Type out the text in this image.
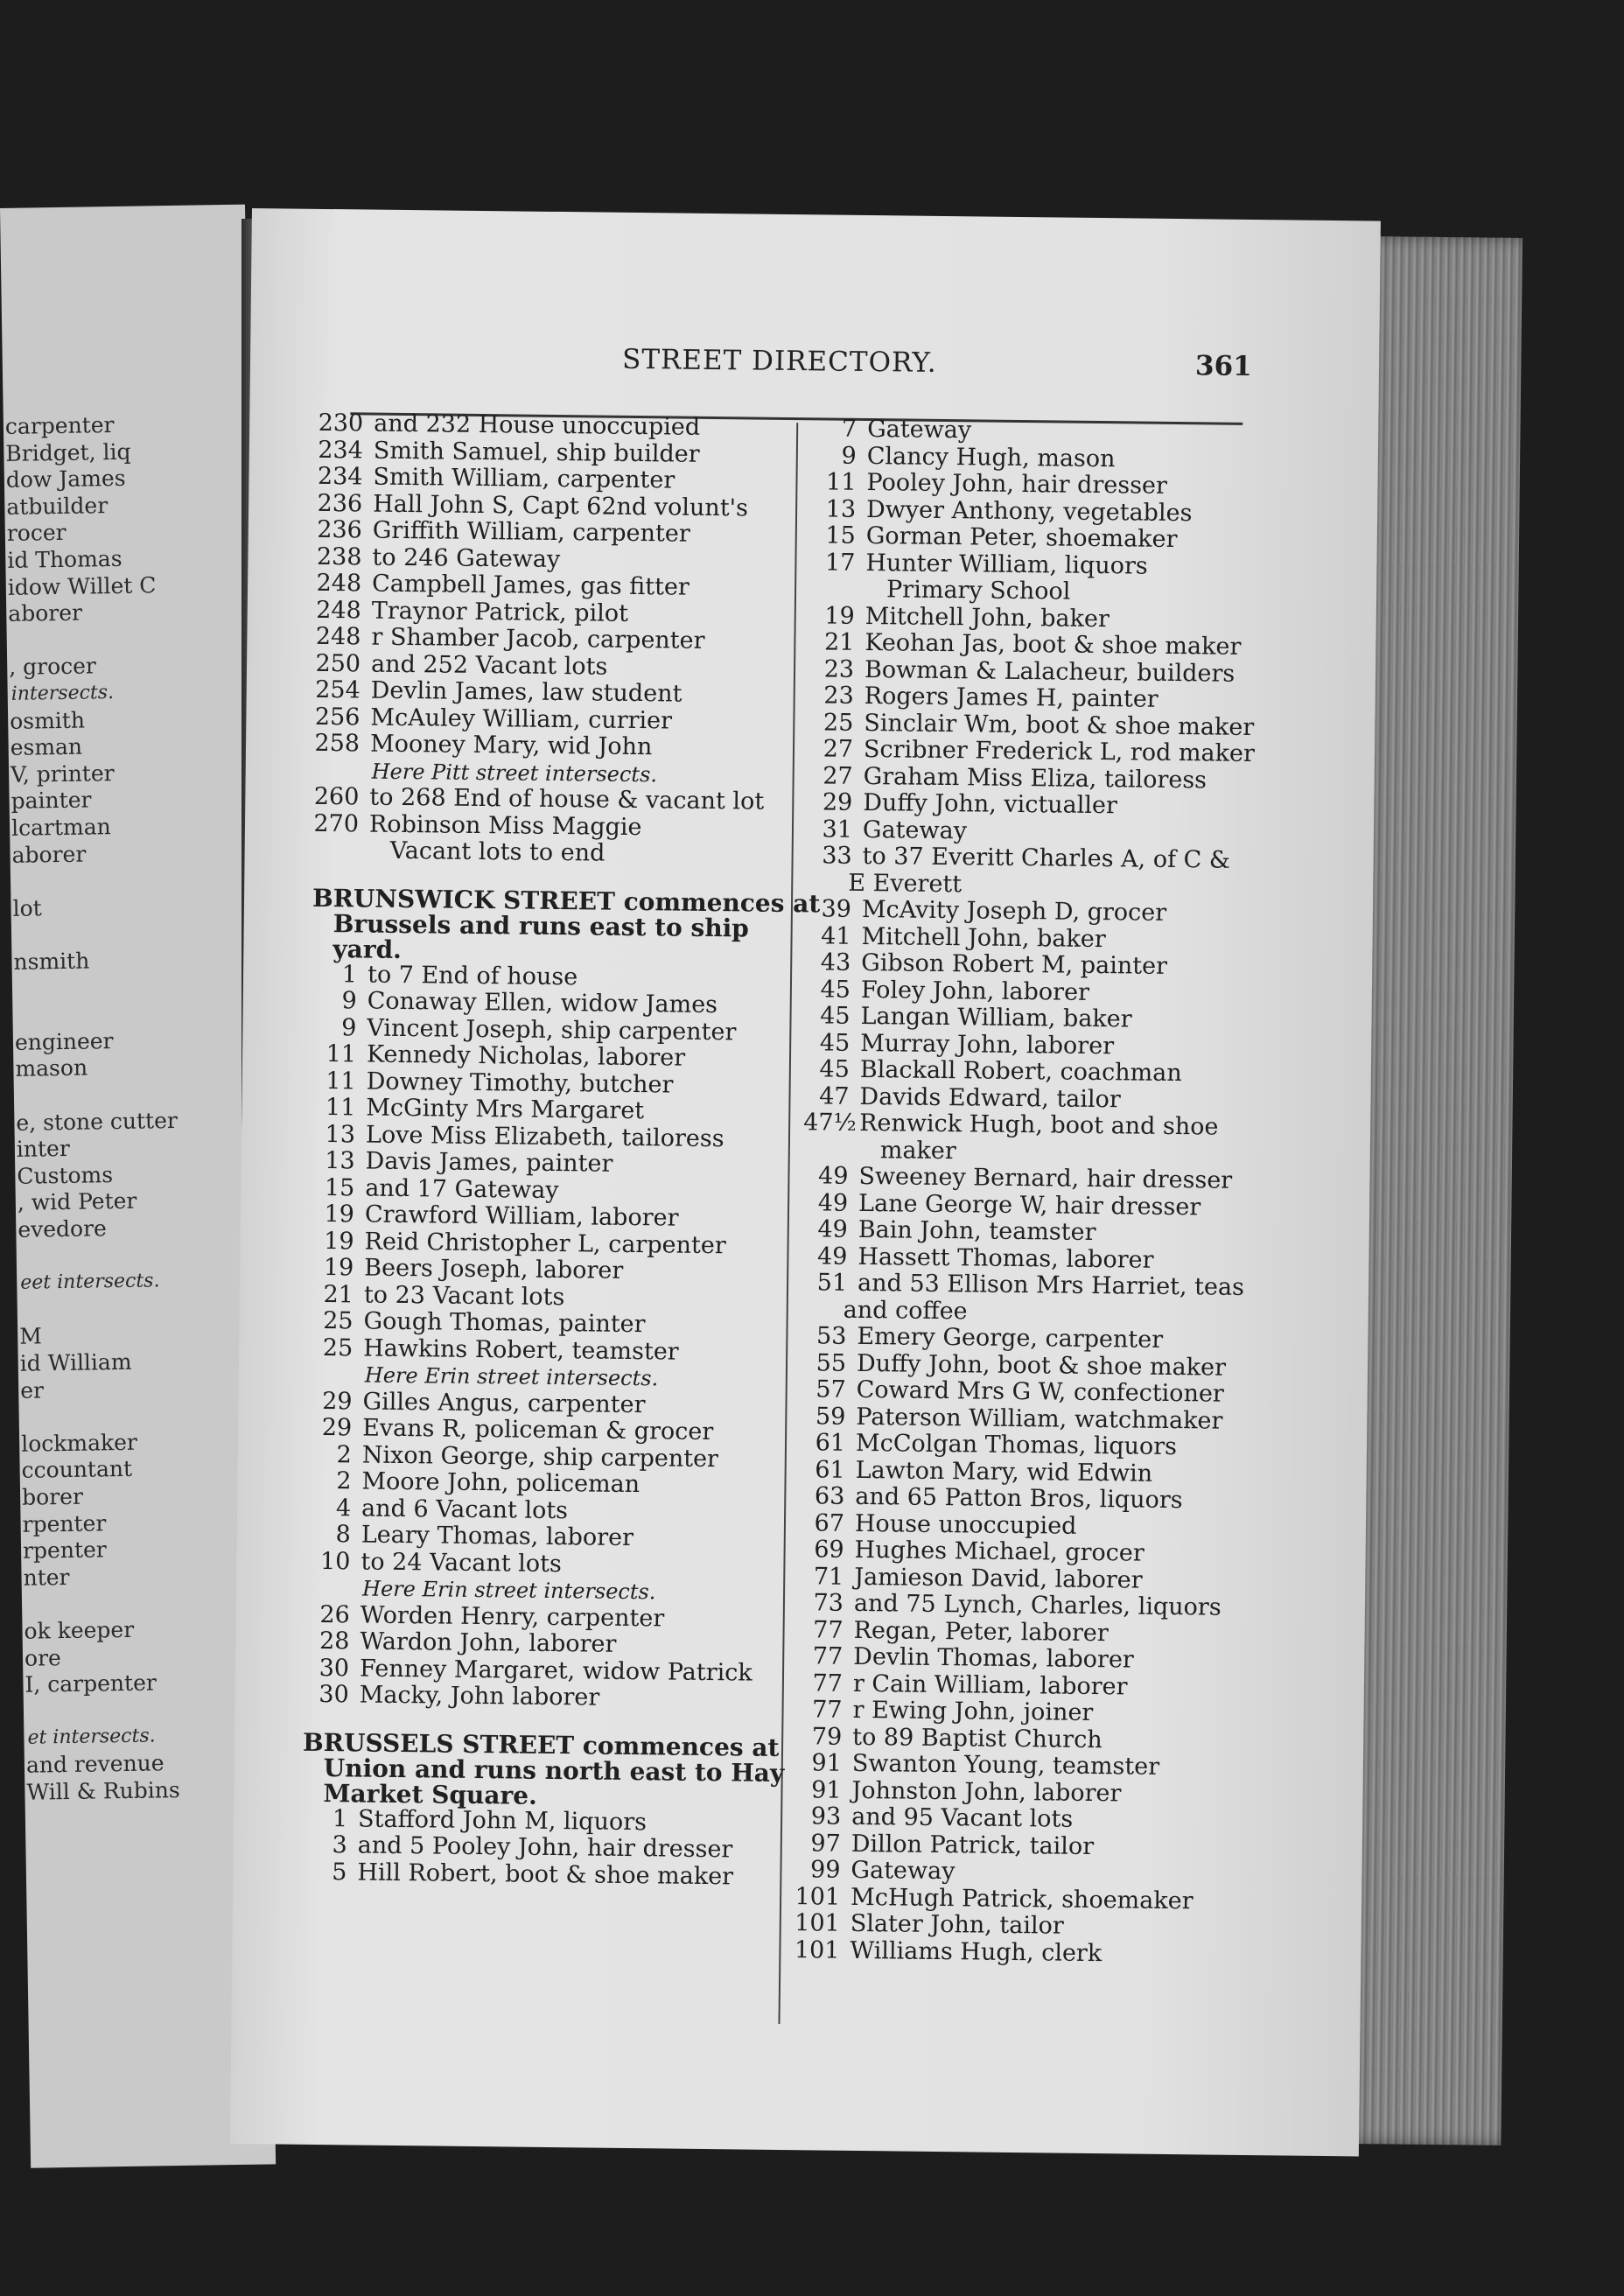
carpenter
Bridget, liq
dow James
atbuilder
rocer
id Thomas
idow Willet C
aborer
, grocer
intersects.
osmith
esman
V, printer
painter
lcartman
aborer
lot
nsmith
engineer
mason
e, stone cutter
inter
Customs
, wid Peter
evedore
eet intersects.
M
id William
er
lockmaker
ccountant
borer
rpenter
rpenter
nter
ok keeper
ore
I, carpenter
et intersects.
and revenue
Will & Rubins
STREET DIRECTORY.	361
230 and 232 House unoccupied
234 Smith Samuel, ship builder
234 Smith William, carpenter
236 Hall John S, Capt 62nd volunt's
236 Griffith William, carpenter
238 to 246 Gateway
248 Campbell James, gas fitter
248 Traynor Patrick, pilot
248 r Shamber Jacob, carpenter
250 and 252 Vacant lots
254 Devlin James, law student
256 McAuley William, currier
258 Mooney Mary, wid John
Here Pitt street intersects.
260 to 268 End of house & vacant lot
270 Robinson Miss Maggie
Vacant lots to end
BRUNSWICK STREET commences at
Brussels and runs east to ship
yard.
1 to 7 End of house
9 Conaway Ellen, widow James
9 Vincent Joseph, ship carpenter
11 Kennedy Nicholas, laborer
11 Downey Timothy, butcher
11 McGinty Mrs Margaret
13 Love Miss Elizabeth, tailoress
13 Davis James, painter
15 and 17 Gateway
19 Crawford William, laborer
19 Reid Christopher L, carpenter
19 Beers Joseph, laborer
21 to 23 Vacant lots
25 Gough Thomas, painter
25 Hawkins Robert, teamster
Here Erin street intersects.
29 Gilles Angus, carpenter
29 Evans R, policeman & grocer
2 Nixon George, ship carpenter
2 Moore John, policeman
4 and 6 Vacant lots
8 Leary Thomas, laborer
10 to 24 Vacant lots
Here Erin street intersects.
26 Worden Henry, carpenter
28 Wardon John, laborer
30 Fenney Margaret, widow Patrick
30 Macky, John laborer
BRUSSELS STREET commences at
Union and runs north east to Hay
Market Square.
1 Stafford John M, liquors
3 and 5 Pooley John, hair dresser
5 Hill Robert, boot & shoe maker
7 Gateway
9 Clancy Hugh, mason
11 Pooley John, hair dresser
13 Dwyer Anthony, vegetables
15 Gorman Peter, shoemaker
17 Hunter William, liquors
Primary School
19 Mitchell John, baker
21 Keohan Jas, boot & shoe maker
23 Bowman & Lalacheur, builders
23 Rogers James H, painter
25 Sinclair Wm, boot & shoe maker
27 Scribner Frederick L, rod maker
27 Graham Miss Eliza, tailoress
29 Duffy John, victualler
31 Gateway
33 to 37 Everitt Charles A, of C &
E Everett
39 McAvity Joseph D, grocer
41 Mitchell John, baker
43 Gibson Robert M, painter
45 Foley John, laborer
45 Langan William, baker
45 Murray John, laborer
45 Blackall Robert, coachman
47 Davids Edward, tailor
47½ Renwick Hugh, boot and shoe
maker
49 Sweeney Bernard, hair dresser
49 Lane George W, hair dresser
49 Bain John, teamster
49 Hassett Thomas, laborer
51 and 53 Ellison Mrs Harriet, teas
and coffee
53 Emery George, carpenter
55 Duffy John, boot & shoe maker
57 Coward Mrs G W, confectioner
59 Paterson William, watchmaker
61 McColgan Thomas, liquors
61 Lawton Mary, wid Edwin
63 and 65 Patton Bros, liquors
67 House unoccupied
69 Hughes Michael, grocer
71 Jamieson David, laborer
73 and 75 Lynch, Charles, liquors
77 Regan, Peter, laborer
77 Devlin Thomas, laborer
77 r Cain William, laborer
77 r Ewing John, joiner
79 to 89 Baptist Church
91 Swanton Young, teamster
91 Johnston John, laborer
93 and 95 Vacant lots
97 Dillon Patrick, tailor
99 Gateway
101 McHugh Patrick, shoemaker
101 Slater John, tailor
101 Williams Hugh, clerk
